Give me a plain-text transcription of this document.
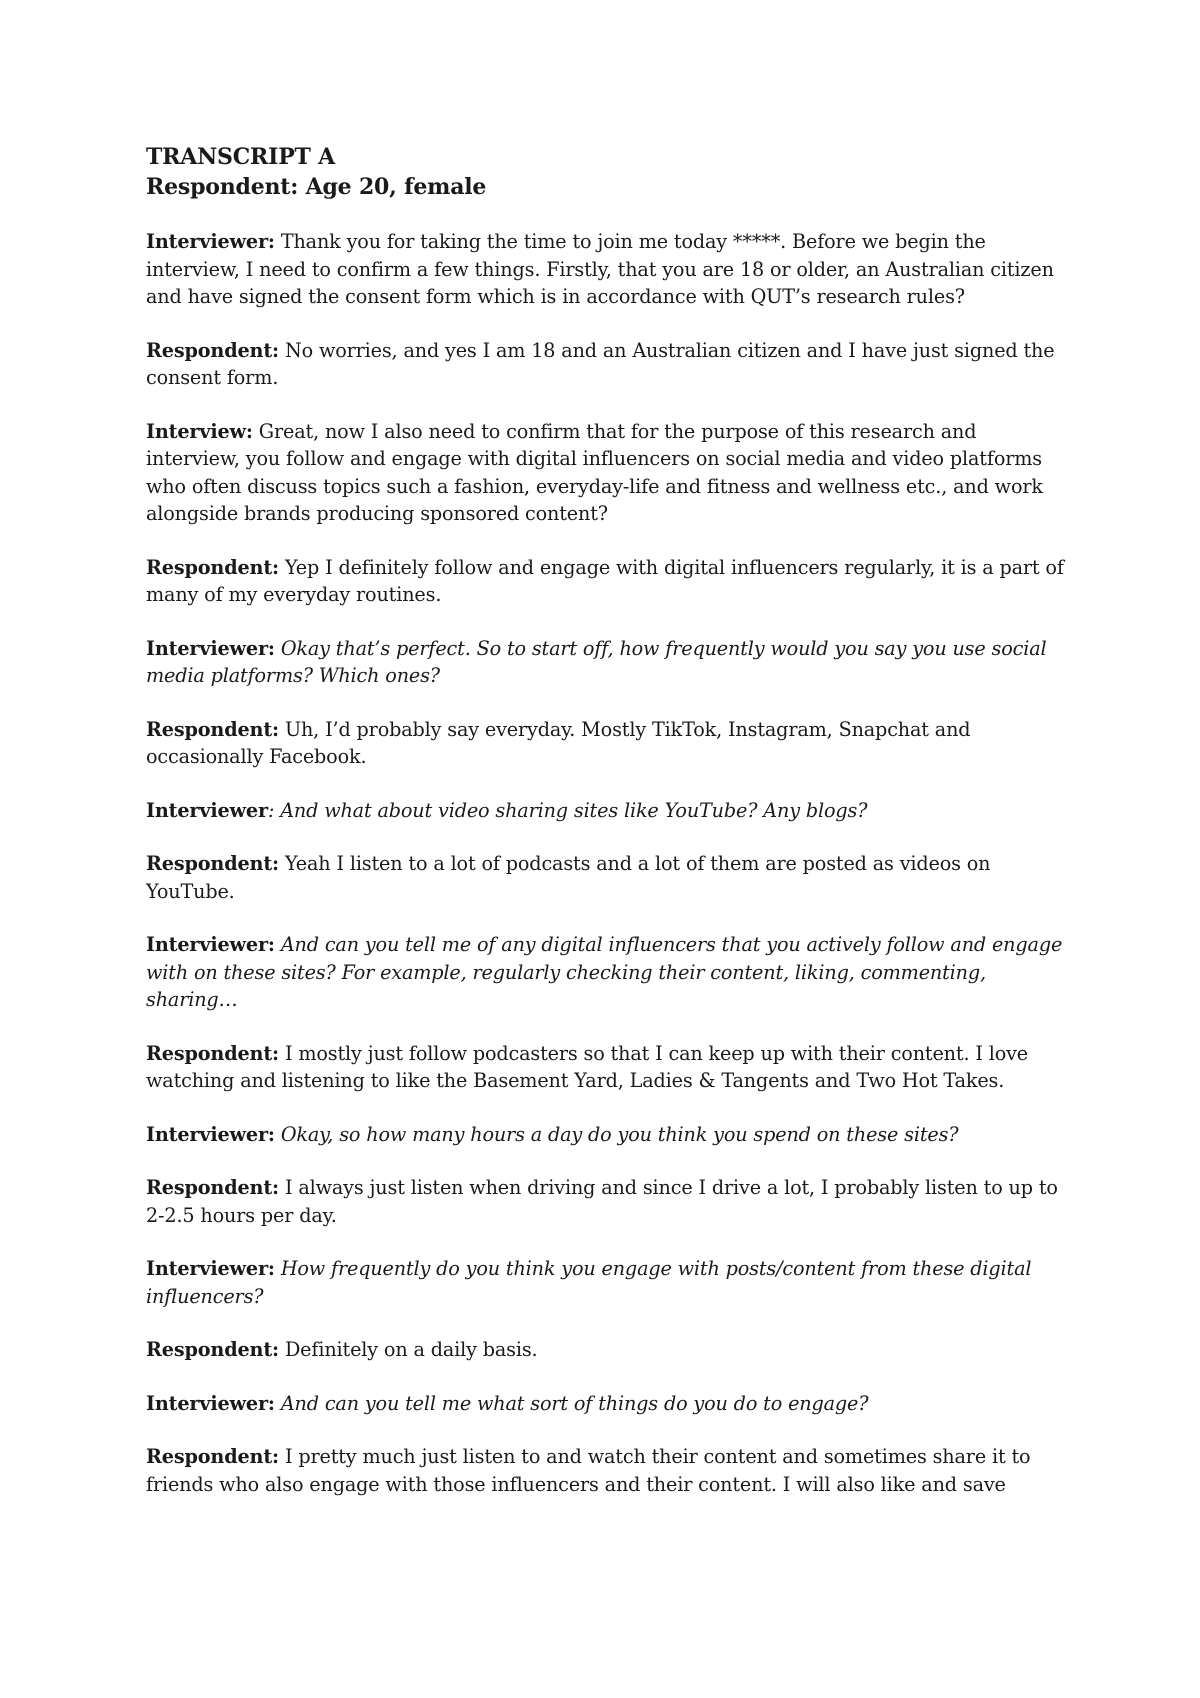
TRANSCRIPT A

Respondent: Age 20, female

Interviewer: Thank you for taking the time to join me today *****. Before we begin the interview, I need to confirm a few things. Firstly, that you are 18 or older, an Australian citizen and have signed the consent form which is in accordance with QUT’s research rules?

Respondent: No worries, and yes I am 18 and an Australian citizen and I have just signed the consent form.

Interview: Great, now I also need to confirm that for the purpose of this research and interview, you follow and engage with digital influencers on social media and video platforms who often discuss topics such a fashion, everyday-life and fitness and wellness etc., and work alongside brands producing sponsored content?

Respondent: Yep I definitely follow and engage with digital influencers regularly, it is a part of many of my everyday routines.

Interviewer: Okay that’s perfect. So to start off, how frequently would you say you use social media platforms? Which ones?

Respondent: Uh, I’d probably say everyday. Mostly TikTok, Instagram, Snapchat and occasionally Facebook.

Interviewer: And what about video sharing sites like YouTube? Any blogs?

Respondent: Yeah I listen to a lot of podcasts and a lot of them are posted as videos on YouTube.

Interviewer: And can you tell me of any digital influencers that you actively follow and engage with on these sites? For example, regularly checking their content, liking, commenting, sharing…

Respondent: I mostly just follow podcasters so that I can keep up with their content. I love watching and listening to like the Basement Yard, Ladies & Tangents and Two Hot Takes.

Interviewer: Okay, so how many hours a day do you think you spend on these sites?

Respondent: I always just listen when driving and since I drive a lot, I probably listen to up to 2-2.5 hours per day.

Interviewer: How frequently do you think you engage with posts/content from these digital influencers?

Respondent: Definitely on a daily basis.

Interviewer: And can you tell me what sort of things do you do to engage?

Respondent: I pretty much just listen to and watch their content and sometimes share it to friends who also engage with those influencers and their content. I will also like and save
